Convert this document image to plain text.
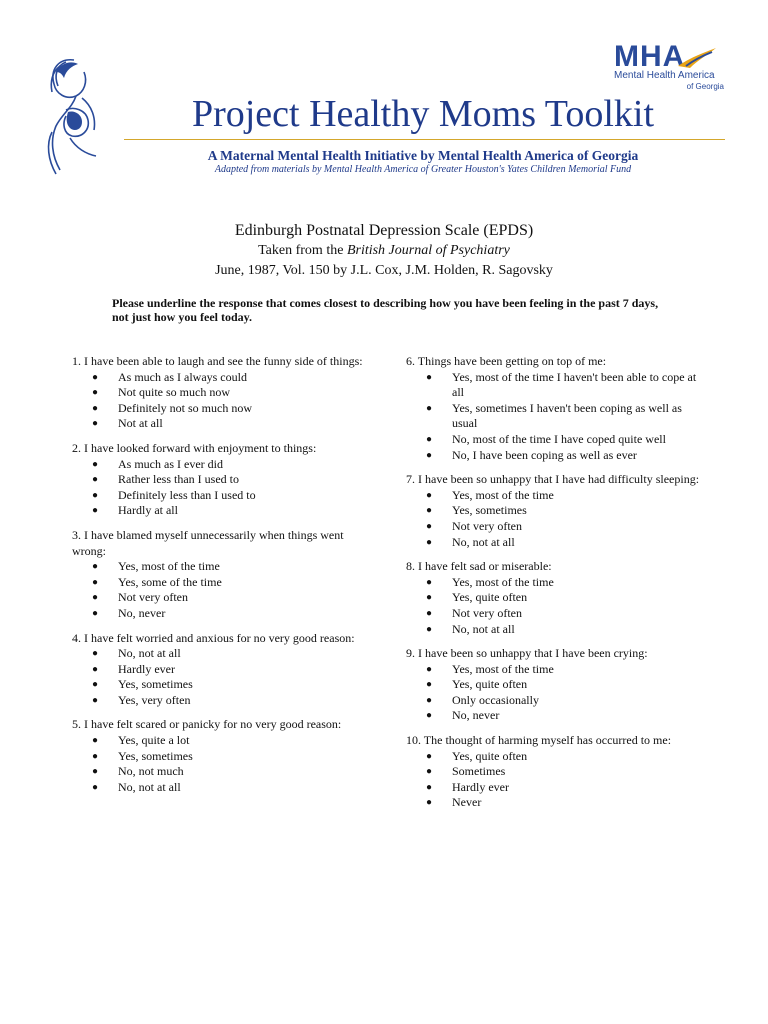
MHA
Mental Health America
of Georgia
Project Healthy Moms Toolkit
A Maternal Mental Health Initiative by Mental Health America of Georgia
Adapted from materials by Mental Health America of Greater Houston's Yates Children Memorial Fund
Edinburgh Postnatal Depression Scale (EPDS)
Taken from the British Journal of Psychiatry
June, 1987, Vol. 150 by J.L. Cox, J.M. Holden, R. Sagovsky
Please underline the response that comes closest to describing how you have been feeling in the past 7 days, not just how you feel today.

1. I have been able to laugh and see the funny side of things:

● As much as I always could
● Not quite so much now
● Definitely not so much now
● Not at all

2. I have looked forward with enjoyment to things:

● As much as I ever did
● Rather less than I used to
● Definitely less than I used to
● Hardly at all

3. I have blamed myself unnecessarily when things went wrong:

● Yes, most of the time
● Yes, some of the time
● Not very often
● No, never

4. I have felt worried and anxious for no very good reason:

● No, not at all
● Hardly ever
● Yes, sometimes
● Yes, very often

5. I have felt scared or panicky for no very good reason:

● Yes, quite a lot
● Yes, sometimes
● No, not much
● No, not at all

6. Things have been getting on top of me:

● Yes, most of the time I haven't been able to cope at all
● Yes, sometimes I haven't been coping as well as usual
● No, most of the time I have coped quite well
● No, I have been coping as well as ever

7. I have been so unhappy that I have had difficulty sleeping:

● Yes, most of the time
● Yes, sometimes
● Not very often
● No, not at all

8. I have felt sad or miserable:

● Yes, most of the time
● Yes, quite often
● Not very often
● No, not at all

9. I have been so unhappy that I have been crying:

● Yes, most of the time
● Yes, quite often
● Only occasionally
● No, never

10. The thought of harming myself has occurred to me:

● Yes, quite often
● Sometimes
● Hardly ever
● Never
